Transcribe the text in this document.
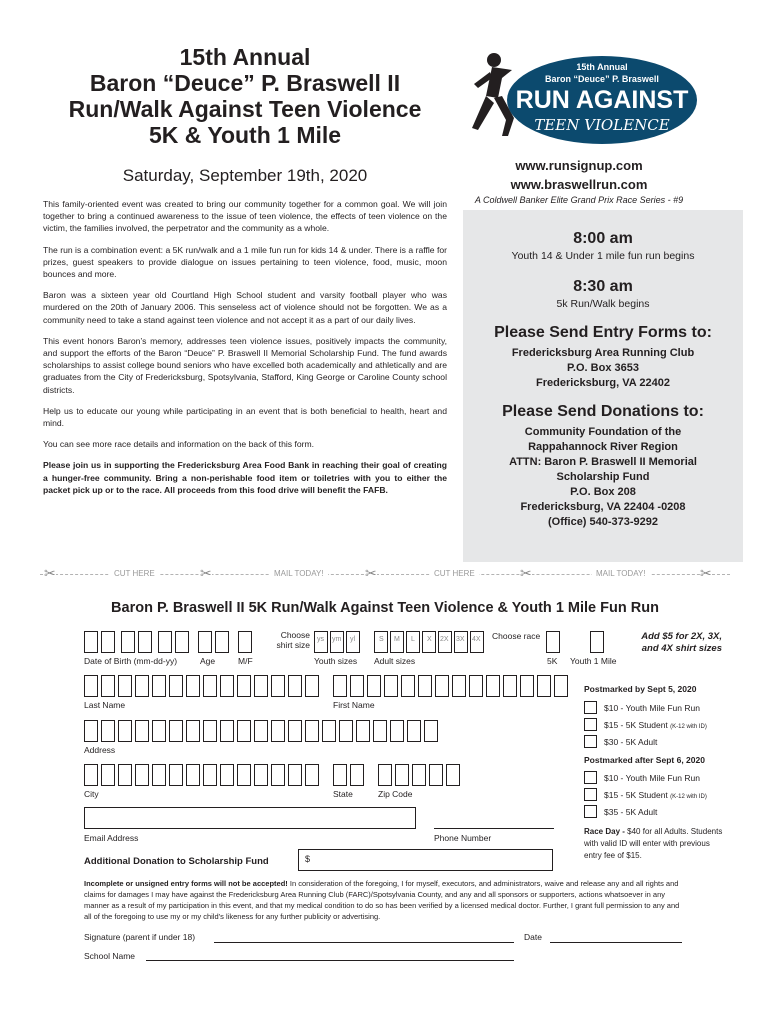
15th Annual
Baron “Deuce” P. Braswell II
Run/Walk Against Teen Violence
5K & Youth 1 Mile
Saturday, September 19th, 2020
15th Annual
Baron “Deuce” P. Braswell
RUN AGAINST
TEEN VIOLENCE
www.runsignup.com
www.braswellrun.com
A Coldwell Banker Elite Grand Prix Race Series - #9

This family-oriented event was created to bring our community together for a common goal. We will join together to bring a continued awareness to the issue of teen violence, the effects of teen violence on the victim, the families involved, the perpetrator and the community as a whole.

The run is a combination event: a 5K run/walk and a 1 mile fun run for kids 14 & under. There is a raffle for prizes, guest speakers to provide dialogue on issues pertaining to teen violence, food, music, moon bounces and more.

Baron was a sixteen year old Courtland High School student and varsity football player who was murdered on the 20th of January 2006. This senseless act of violence should not be forgotten. We as a community need to take a stand against teen violence and not accept it as a part of our daily lives.

This event honors Baron’s memory, addresses teen violence issues, positively impacts the community, and support the efforts of the Baron “Deuce” P. Braswell II Memorial Scholarship Fund. The fund awards scholarships to assist college bound seniors who have excelled both academically and athletically and are graduates from the City of Fredericksburg, Spotsylvania, Stafford, King George or Caroline County school districts.

Help us to educate our young while participating in an event that is both beneficial to health, heart and mind.

You can see more race details and information on the back of this form.

Please join us in supporting the Fredericksburg Area Food Bank in reaching their goal of creating a hunger-free community. Bring a non-perishable food item or toiletries with you to either the packet pick up or to the race. All proceeds from this food drive will benefit the FAFB.

8:00 am
Youth 14 & Under 1 mile fun run begins
8:30 am
5k Run/Walk begins
Please Send Entry Forms to:
Fredericksburg Area Running Club
P.O. Box 3653
Fredericksburg, VA 22402
Please Send Donations to:
Community Foundation of the
Rappahannock River Region
ATTN: Baron P. Braswell II Memorial
Scholarship Fund
P.O. Box 208
Fredericksburg, VA 22404 -0208
(Office) 540-373-9292
✂	CUT HERE	✂	MAIL TODAY!	✂	CUT HERE	✂	MAIL TODAY!	✂
Baron P. Braswell II 5K Run/Walk Against Teen Violence & Youth 1 Mile Fun Run
Date of Birth (mm-dd-yy)	Age	M/F
Choose shirt size
ys ym yl
Youth sizes
S M L X 2X 3X 4X
Adult sizes
Choose race
5K Youth 1 Mile
Add $5 for 2X, 3X, and 4X shirt sizes
Last Name	First Name
Address
City	State	Zip Code
Email Address	Phone Number
Additional Donation to Scholarship Fund	$
Postmarked by Sept 5, 2020
$10 - Youth Mile Fun Run
$15 - 5K Student (K-12 with ID)
$30 - 5K Adult
Postmarked after Sept 6, 2020
$10 - Youth Mile Fun Run
$15 - 5K Student (K-12 with ID)
$35 - 5K Adult
Race Day - $40 for all Adults. Students with valid ID will enter with previous entry fee of $15.
Incomplete or unsigned entry forms will not be accepted! In consideration of the foregoing, I for myself, executors, and administrators, waive and release any and all rights and claims for damages I may have against the Fredericksburg Area Running Club (FARC)/Spotsylvania County, and any and all sponsors or supporters, actions whatsoever in any manner as a result of my participation in this event, and that my medical condition to do so has been verified by a licensed medical doctor. Further, I grant full permission to any and all of the foregoing to use my or my child’s likeness for any further publicity or advertising.
Signature (parent if under 18)	Date
School Name
